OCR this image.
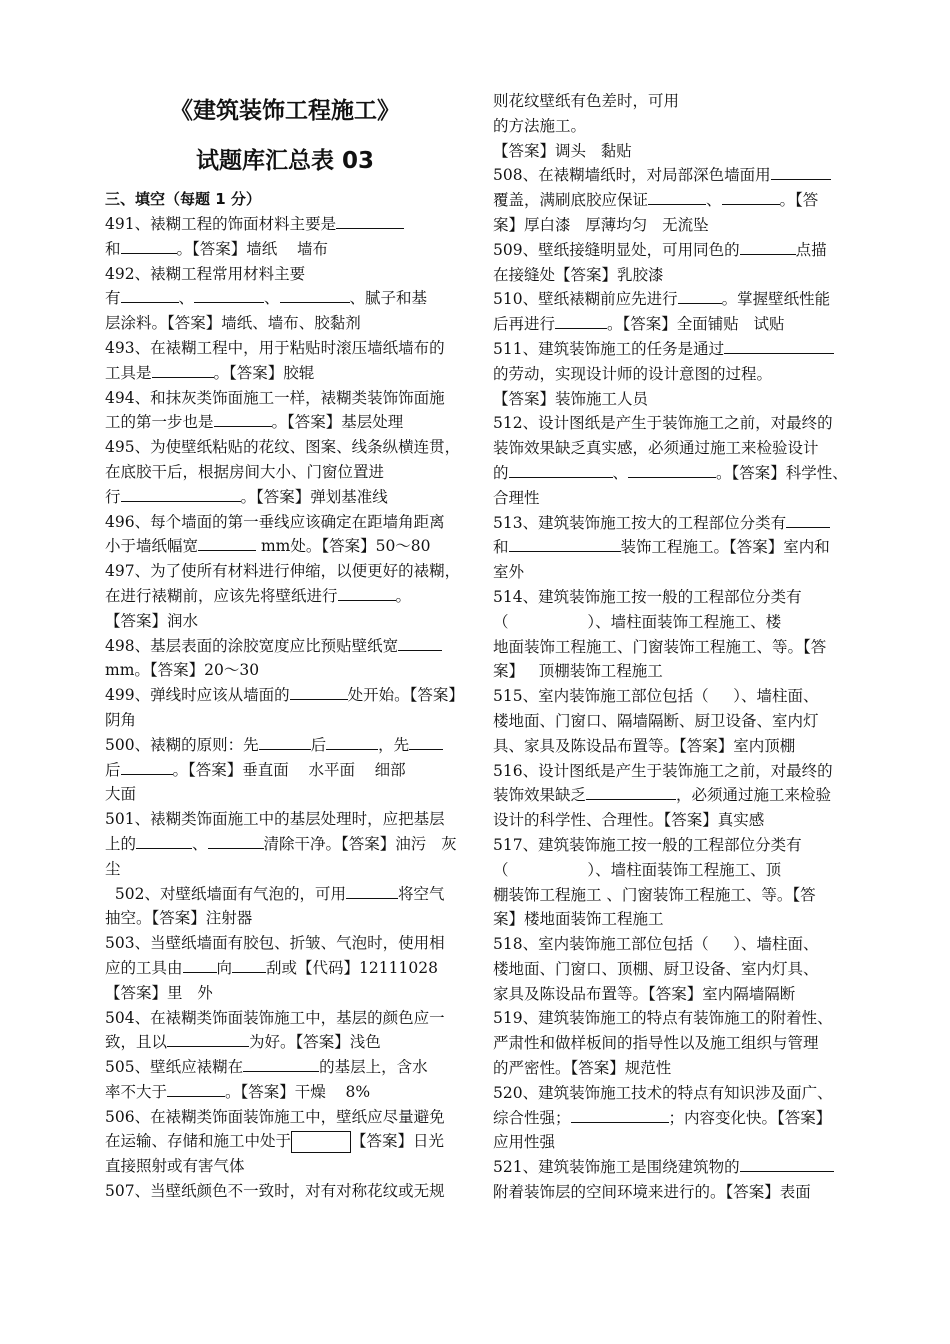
《建筑装饰工程施工》
试题库汇总表 03
三、填空（每题 1 分）
491、裱糊工程的饰面材料主要是
和	。【答案】墙纸    墙布
492、裱糊工程常用材料主要
有	、	、	、腻子和基
层涂料。【答案】墙纸、墙布、胶黏剂
493、在裱糊工程中，用于粘贴时滚压墙纸墙布的
工具是	。【答案】胶辊
494、和抹灰类饰面施工一样，裱糊类装饰饰面施
工的第一步也是	。【答案】基层处理
495、为使壁纸粘贴的花纹、图案、线条纵横连贯，
在底胶干后，根据房间大小、门窗位置进
行	。【答案】弹划基准线
496、每个墙面的第一垂线应该确定在距墙角距离
小于墙纸幅宽	mm处。【答案】50～80
497、为了使所有材料进行伸缩，以便更好的裱糊，
在进行裱糊前，应该先将壁纸进行	。
【答案】润水
498、基层表面的涂胶宽度应比预贴壁纸宽
mm。【答案】20～30
499、弹线时应该从墙面的	处开始。【答案】
阴角
500、裱糊的原则：先	后	，先
后	。【答案】垂直面    水平面    细部
大面
501、裱糊类饰面施工中的基层处理时，应把基层
上的	、	清除干净。【答案】油污   灰
尘
502、对壁纸墙面有气泡的，可用	将空气
抽空。【答案】注射器
503、当壁纸墙面有胶包、折皱、气泡时，使用相
应的工具由 向 刮或【代码】12111028
【答案】里   外
504、在裱糊类饰面装饰施工中，基层的颜色应一
致，且以	为好。【答案】浅色
505、壁纸应裱糊在	的基层上，含水
率不大于	。【答案】干燥    8%
506、在裱糊类饰面装饰施工中，壁纸应尽量避免
在运输、存储和施工中处于	【答案】日光
直接照射或有害气体
507、当壁纸颜色不一致时，对有对称花纹或无规
则花纹壁纸有色差时，可用
的方法施工。
【答案】调头   黏贴
508、在裱糊墙纸时，对局部深色墙面用
覆盖，满刷底胶应保证	、	。【答
案】厚白漆   厚薄均匀   无流坠
509、壁纸接缝明显处，可用同色的	点描
在接缝处【答案】乳胶漆
510、壁纸裱糊前应先进行	。掌握壁纸性能
后再进行	。【答案】全面铺贴   试贴
511、建筑装饰施工的任务是通过
的劳动，实现设计师的设计意图的过程。
【答案】装饰施工人员
512、设计图纸是产生于装饰施工之前，对最终的
装饰效果缺乏真实感，必须通过施工来检验设计
的	、	。【答案】科学性、
合理性
513、建筑装饰施工按大的工程部位分类有
和	装饰工程施工。【答案】室内和
室外
514、建筑装饰施工按一般的工程部位分类有
（                ）、墙柱面装饰工程施工、楼
地面装饰工程施工、门窗装饰工程施工、等。【答
案】   顶棚装饰工程施工
515、室内装饰施工部位包括（     ）、墙柱面、
楼地面、门窗口、隔墙隔断、厨卫设备、室内灯
具、家具及陈设品布置等。【答案】室内顶棚
516、设计图纸是产生于装饰施工之前，对最终的
装饰效果缺乏	，必须通过施工来检验
设计的科学性、合理性。【答案】真实感
517、建筑装饰施工按一般的工程部位分类有
（                ）、墙柱面装饰工程施工、顶
棚装饰工程施工 、门窗装饰工程施工、等。【答
案】楼地面装饰工程施工
518、室内装饰施工部位包括（     ）、墙柱面、
楼地面、门窗口、顶棚、厨卫设备、室内灯具、
家具及陈设品布置等。【答案】室内隔墙隔断
519、建筑装饰施工的特点有装饰施工的附着性、
严肃性和做样板间的指导性以及施工组织与管理
的严密性。【答案】规范性
520、建筑装饰施工技术的特点有知识涉及面广、
综合性强；	；内容变化快。【答案】
应用性强
521、建筑装饰施工是围绕建筑物的
附着装饰层的空间环境来进行的。【答案】表面
